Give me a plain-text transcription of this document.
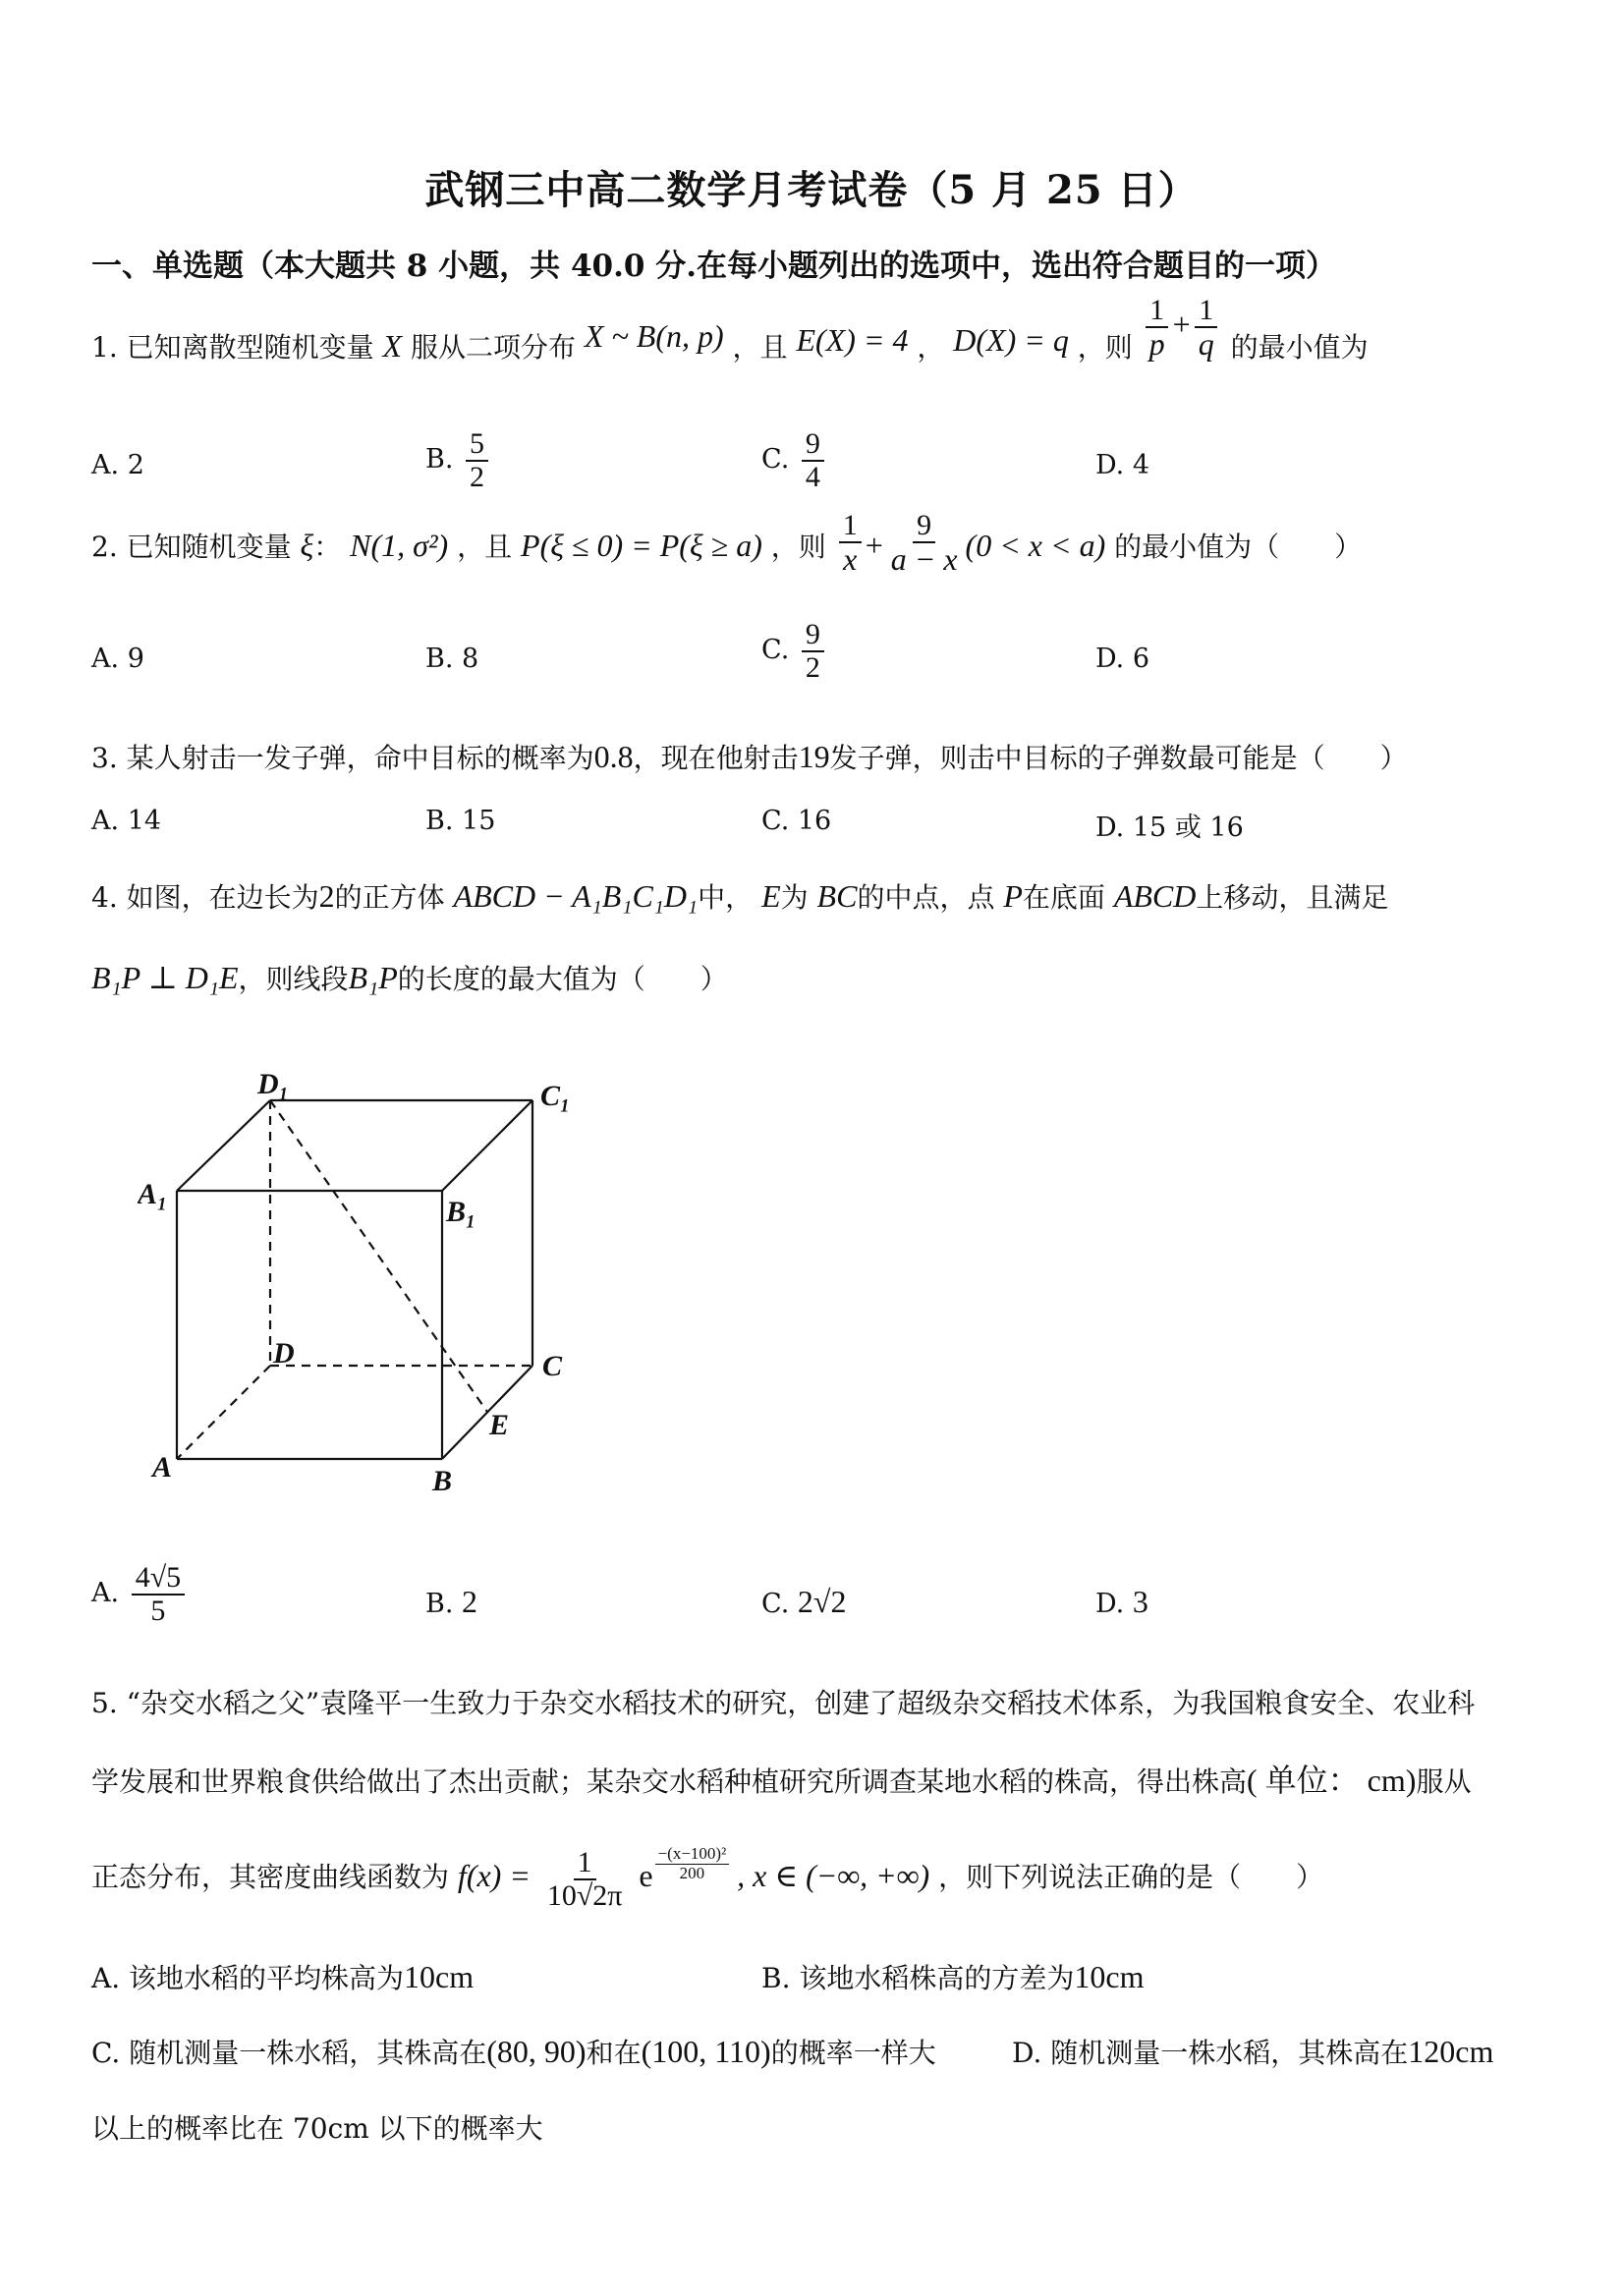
武钢三中高二数学月考试卷（5 月 25 日）
一、单选题（本大题共 8 小题，共 40.0 分.在每小题列出的选项中，选出符合题目的一项）
1. 已知离散型随机变量 X 服从二项分布 X ~ B(n, p) ，且 E(X) = 4 ， D(X) = q ，则 $\frac{1}{p} + \frac{1}{q}$ 的最小值为
A. 2	B. $\frac{5}{2}$	C. $\frac{9}{4}$	D. 4
2. 已知随机变量 ξ： N(1, σ²) ，且 P(ξ ≤ 0) = P(ξ ≥ a) ，则 $\frac{1}{x} + \frac{9}{a - x} (0 < x < a)$ 的最小值为（　　）
A. 9	B. 8	C. $\frac{9}{2}$	D. 6
3. 某人射击一发子弹，命中目标的概率为0.8，现在他射击19发子弹，则击中目标的子弹数最可能是（　　）
A. 14	B. 15	C. 16	D. 15 或 16
4. 如图，在边长为2的正方体 ABCD − A₁B₁C₁D₁中， E为 BC的中点，点 P在底面 ABCD上移动，且满足
B₁P ⊥ D₁E，则线段B₁P的长度的最大值为（　　）
D₁	C₁
A₁
B₁
D	C
E
A	B
A. $\frac{4√5}{5}$	B. 2	C. 2√2	D. 3
5. “杂交水稻之父”袁隆平一生致力于杂交水稻技术的研究，创建了超级杂交稻技术体系，为我国粮食安全、农业科
学发展和世界粮食供给做出了杰出贡献；某杂交水稻种植研究所调查某地水稻的株高，得出株高( 单位： cm)服从
正态分布，其密度曲线函数为 $f(x) = \frac{1}{10√2\pi}$ e $\frac{\text{−(x−100)²}}{200}$ , x ∈ (−∞, +∞) ，则下列说法正确的是（　　）
A. 该地水稻的平均株高为10cm	B. 该地水稻株高的方差为10cm
C. 随机测量一株水稻，其株高在(80, 90)和在(100, 110)的概率一样大	D. 随机测量一株水稻，其株高在120cm
以上的概率比在 70cm 以下的概率大
